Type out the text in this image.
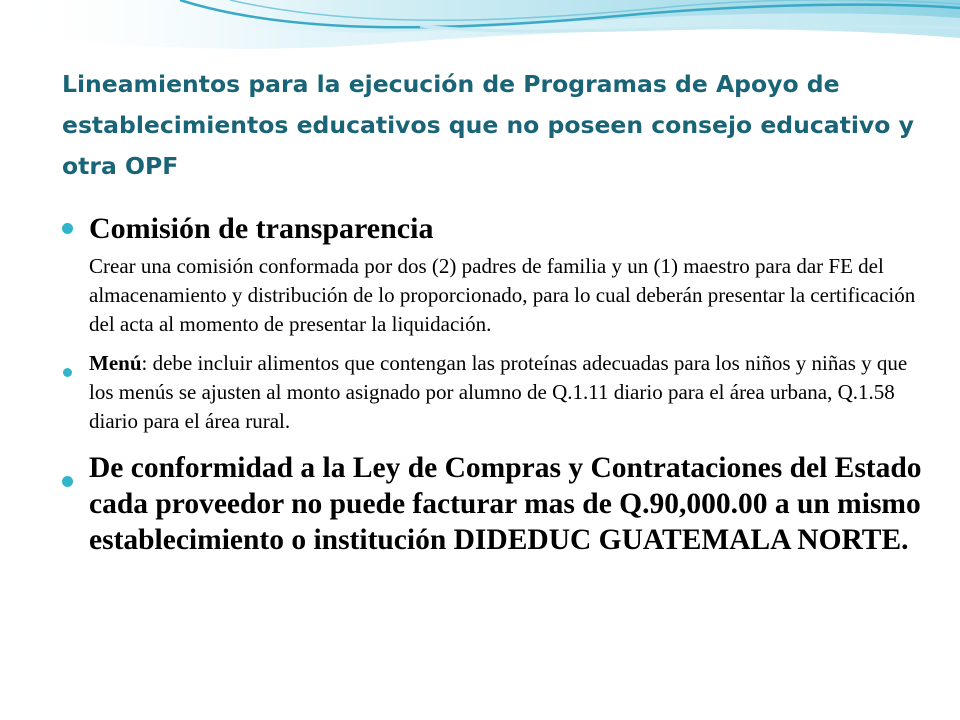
Lineamientos para la ejecución de Programas de Apoyo de establecimientos educativos que no poseen consejo educativo y otra OPF
Comisión de transparencia
Crear una comisión conformada por dos (2) padres de familia y un (1) maestro para dar FE del almacenamiento y distribución de lo proporcionado, para lo cual deberán presentar la certificación del acta al momento de presentar la liquidación.
Menú: debe incluir alimentos que contengan las proteínas adecuadas para los niños y niñas y que los menús se ajusten al monto asignado por alumno de Q.1.11 diario para el área urbana, Q.1.58 diario para el área rural.
De conformidad a la Ley de Compras y Contrataciones del Estado cada proveedor no puede facturar mas de Q.90,000.00 a un mismo establecimiento o institución DIDEDUC GUATEMALA NORTE.
